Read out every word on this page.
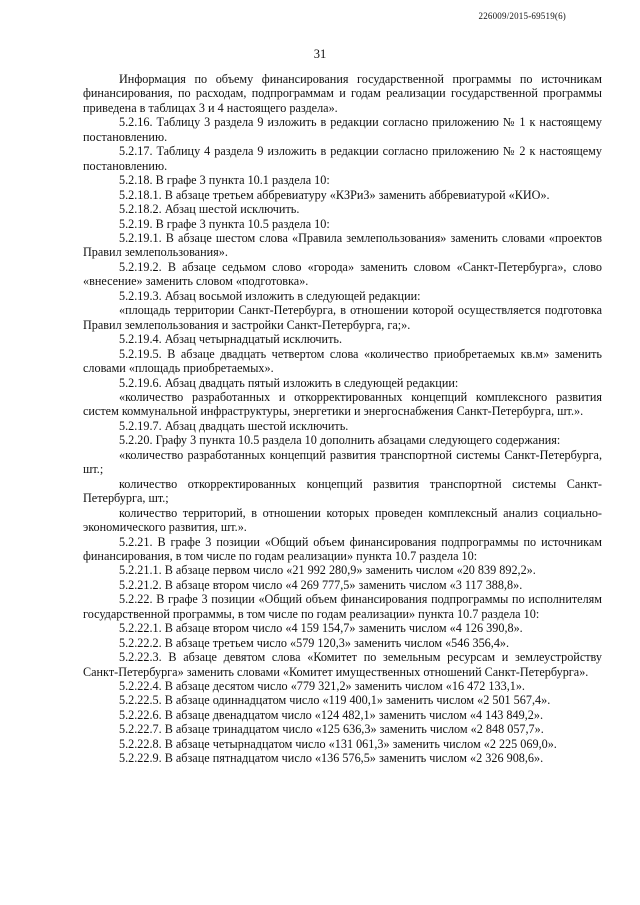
226009/2015-69519(6)
31

Информация по объему финансирования государственной программы по источникам финансирования, по расходам, подпрограммам и годам реализации государственной программы приведена в таблицах 3 и 4 настоящего раздела».

5.2.16. Таблицу 3 раздела 9 изложить в редакции согласно приложению № 1 к настоящему постановлению.

5.2.17. Таблицу 4 раздела 9 изложить в редакции согласно приложению № 2 к настоящему постановлению.

5.2.18. В графе 3 пункта 10.1 раздела 10:

5.2.18.1. В абзаце третьем аббревиатуру «КЗРиЗ» заменить аббревиатурой «КИО».

5.2.18.2. Абзац шестой исключить.

5.2.19. В графе 3 пункта 10.5 раздела 10:

5.2.19.1. В абзаце шестом слова «Правила землепользования» заменить словами «проектов Правил землепользования».

5.2.19.2. В абзаце седьмом слово «города» заменить словом «Санкт-Петербурга», слово «внесение» заменить словом «подготовка».

5.2.19.3. Абзац восьмой изложить в следующей редакции:

«площадь территории Санкт-Петербурга, в отношении которой осуществляется подготовка Правил землепользования и застройки Санкт-Петербурга, га;».

5.2.19.4. Абзац четырнадцатый исключить.

5.2.19.5. В абзаце двадцать четвертом слова «количество приобретаемых кв.м» заменить словами «площадь приобретаемых».

5.2.19.6. Абзац двадцать пятый изложить в следующей редакции:

«количество разработанных и откорректированных концепций комплексного развития систем коммунальной инфраструктуры, энергетики и энергоснабжения Санкт-Петербурга, шт.».

5.2.19.7. Абзац двадцать шестой исключить.

5.2.20. Графу 3 пункта 10.5 раздела 10 дополнить абзацами следующего содержания:

«количество разработанных концепций развития транспортной системы Санкт-Петербурга, шт.;

количество откорректированных концепций развития транспортной системы Санкт-Петербурга, шт.;

количество территорий, в отношении которых проведен комплексный анализ социально-экономического развития, шт.».

5.2.21. В графе 3 позиции «Общий объем финансирования подпрограммы по источникам финансирования, в том числе по годам реализации» пункта 10.7 раздела 10:

5.2.21.1. В абзаце первом число «21 992 280,9» заменить числом «20 839 892,2».

5.2.21.2. В абзаце втором число «4 269 777,5» заменить числом «3 117 388,8».

5.2.22. В графе 3 позиции «Общий объем финансирования подпрограммы по исполнителям государственной программы, в том числе по годам реализации» пункта 10.7 раздела 10:

5.2.22.1. В абзаце втором число «4 159 154,7» заменить числом «4 126 390,8».

5.2.22.2. В абзаце третьем число «579 120,3» заменить числом «546 356,4».

5.2.22.3. В абзаце девятом слова «Комитет по земельным ресурсам и землеустройству Санкт-Петербурга» заменить словами «Комитет имущественных отношений Санкт-Петербурга».

5.2.22.4. В абзаце десятом число «779 321,2» заменить числом «16 472 133,1».

5.2.22.5. В абзаце одиннадцатом число «119 400,1» заменить числом «2 501 567,4».

5.2.22.6. В абзаце двенадцатом число «124 482,1» заменить числом «4 143 849,2».

5.2.22.7. В абзаце тринадцатом число «125 636,3» заменить числом «2 848 057,7».

5.2.22.8. В абзаце четырнадцатом число «131 061,3» заменить числом «2 225 069,0».

5.2.22.9. В абзаце пятнадцатом число «136 576,5» заменить числом «2 326 908,6».
